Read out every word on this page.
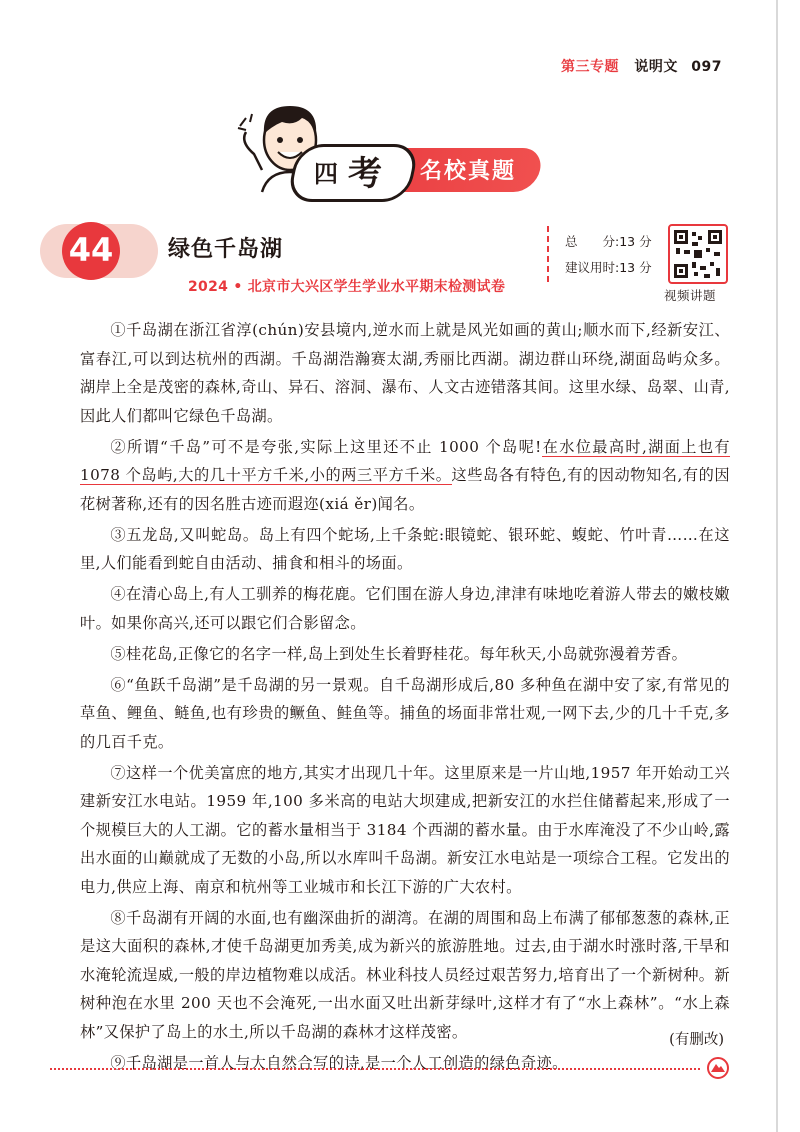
第三专题 说明文 097
四 考 名校真题
44	绿色千岛湖
2024 • 北京市大兴区学生学业水平期末检测试卷
总　　分:13 分
建议用时:13 分
视频讲题

①千岛湖在浙江省淳(chún)安县境内,逆水而上就是风光如画的黄山;顺水而下,经新安江、富春江,可以到达杭州的西湖。千岛湖浩瀚赛太湖,秀丽比西湖。湖边群山环绕,湖面岛屿众多。湖岸上全是茂密的森林,奇山、异石、溶洞、瀑布、人文古迹错落其间。这里水绿、岛翠、山青,因此人们都叫它绿色千岛湖。

②所谓“千岛”可不是夸张,实际上这里还不止 1000 个岛呢!在水位最高时,湖面上也有 1078 个岛屿,大的几十平方千米,小的两三平方千米。这些岛各有特色,有的因动物知名,有的因花树著称,还有的因名胜古迹而遐迩(xiá ěr)闻名。

③五龙岛,又叫蛇岛。岛上有四个蛇场,上千条蛇:眼镜蛇、银环蛇、蝮蛇、竹叶青……在这里,人们能看到蛇自由活动、捕食和相斗的场面。

④在清心岛上,有人工驯养的梅花鹿。它们围在游人身边,津津有味地吃着游人带去的嫩枝嫩叶。如果你高兴,还可以跟它们合影留念。

⑤桂花岛,正像它的名字一样,岛上到处生长着野桂花。每年秋天,小岛就弥漫着芳香。

⑥“鱼跃千岛湖”是千岛湖的另一景观。自千岛湖形成后,80 多种鱼在湖中安了家,有常见的草鱼、鲤鱼、鲢鱼,也有珍贵的鳜鱼、鲑鱼等。捕鱼的场面非常壮观,一网下去,少的几十千克,多的几百千克。

⑦这样一个优美富庶的地方,其实才出现几十年。这里原来是一片山地,1957 年开始动工兴建新安江水电站。1959 年,100 多米高的电站大坝建成,把新安江的水拦住储蓄起来,形成了一个规模巨大的人工湖。它的蓄水量相当于 3184 个西湖的蓄水量。由于水库淹没了不少山岭,露出水面的山巅就成了无数的小岛,所以水库叫千岛湖。新安江水电站是一项综合工程。它发出的电力,供应上海、南京和杭州等工业城市和长江下游的广大农村。

⑧千岛湖有开阔的水面,也有幽深曲折的湖湾。在湖的周围和岛上布满了郁郁葱葱的森林,正是这大面积的森林,才使千岛湖更加秀美,成为新兴的旅游胜地。过去,由于湖水时涨时落,干旱和水淹轮流逞威,一般的岸边植物难以成活。林业科技人员经过艰苦努力,培育出了一个新树种。新树种泡在水里 200 天也不会淹死,一出水面又吐出新芽绿叶,这样才有了“水上森林”。“水上森林”又保护了岛上的水土,所以千岛湖的森林才这样茂密。

⑨千岛湖是一首人与大自然合写的诗,是一个人工创造的绿色奇迹。

(有删改)
